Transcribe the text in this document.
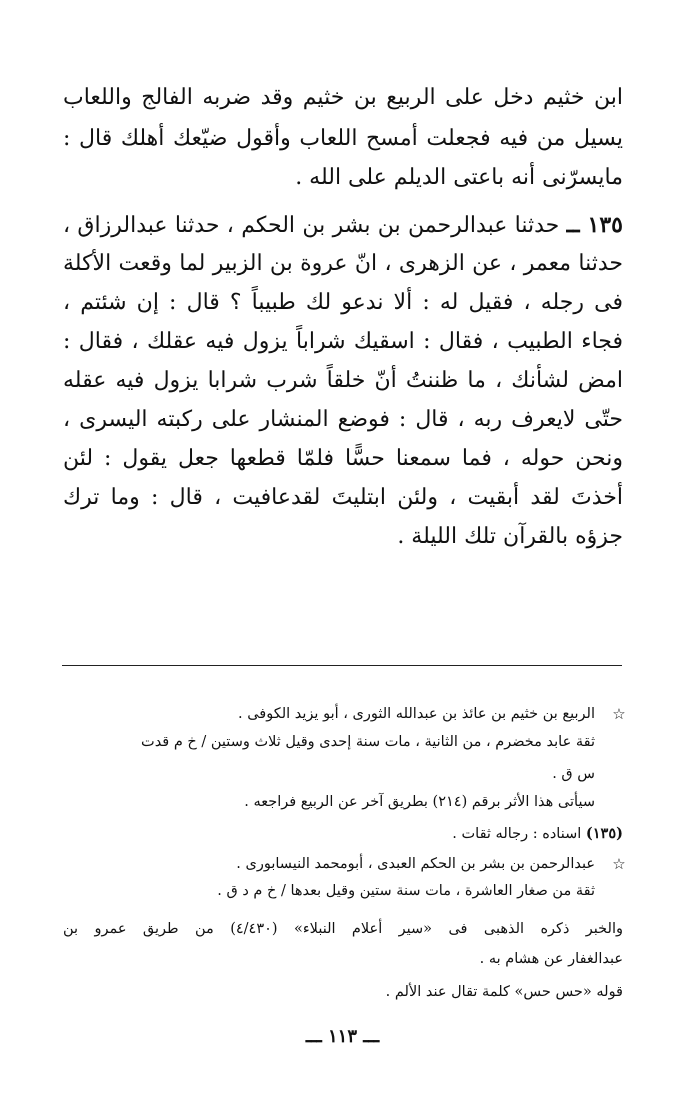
ابن خثيم دخل على الربيع بن خثيم وقد ضربه الفالج واللعاب
يسيل من فيه فجعلت أمسح اللعاب وأقول ضيّعك أهلك قال :
مايسرّنى أنه باعتى الديلم على الله .
١٣٥ ــ حدثنا عبدالرحمن بن بشر بن الحكم ، حدثنا عبدالرزاق ،
حدثنا معمر ، عن الزهرى ، انّ عروة بن الزبير لما وقعت الأكلة
فى رجله ، فقيل له : ألا ندعو لك طبيباً ؟ قال : إن شئتم ،
فجاء الطبيب ، فقال : اسقيك شراباً يزول فيه عقلك ، فقال :
امض لشأنك ، ما ظننتُ أنّ خلقاً شرب شرابا يزول فيه عقله
حتّى لايعرف ربه ، قال : فوضع المنشار على ركبته اليسرى ،
ونحن حوله ، فما سمعنا حسًّا فلمّا قطعها جعل يقول : لئن
أخذتَ لقد أبقيت ، ولئن ابتليتَ لقدعافيت ، قال : وما ترك
جزؤه بالقرآن تلك الليلة .
☆
الربيع بن خثيم بن عائذ بن عبدالله الثورى ، أبو يزيد الكوفى .
ثقة عابد مخضرم ، من الثانية ، مات سنة إحدى وقيل ثلاث وستين / خ م قدت
س ق .
سيأتى هذا الأثر برقم (٢١٤) بطريق آخر عن الربيع فراجعه .
(١٣٥) اسناده : رجاله ثقات .
☆
عبدالرحمن بن بشر بن الحكم العبدى ، أبومحمد النيسابورى .
ثقة من صغار العاشرة ، مات سنة ستين وقيل بعدها / خ م د ق .
والخبر ذكره الذهبى فى «سير أعلام النبلاء» (٤/٤٣٠) من طريق عمرو بن
عبدالغفار عن هشام به .
قوله «حس حس» كلمة تقال عند الألم .
ـــ ١١٣ ـــ
